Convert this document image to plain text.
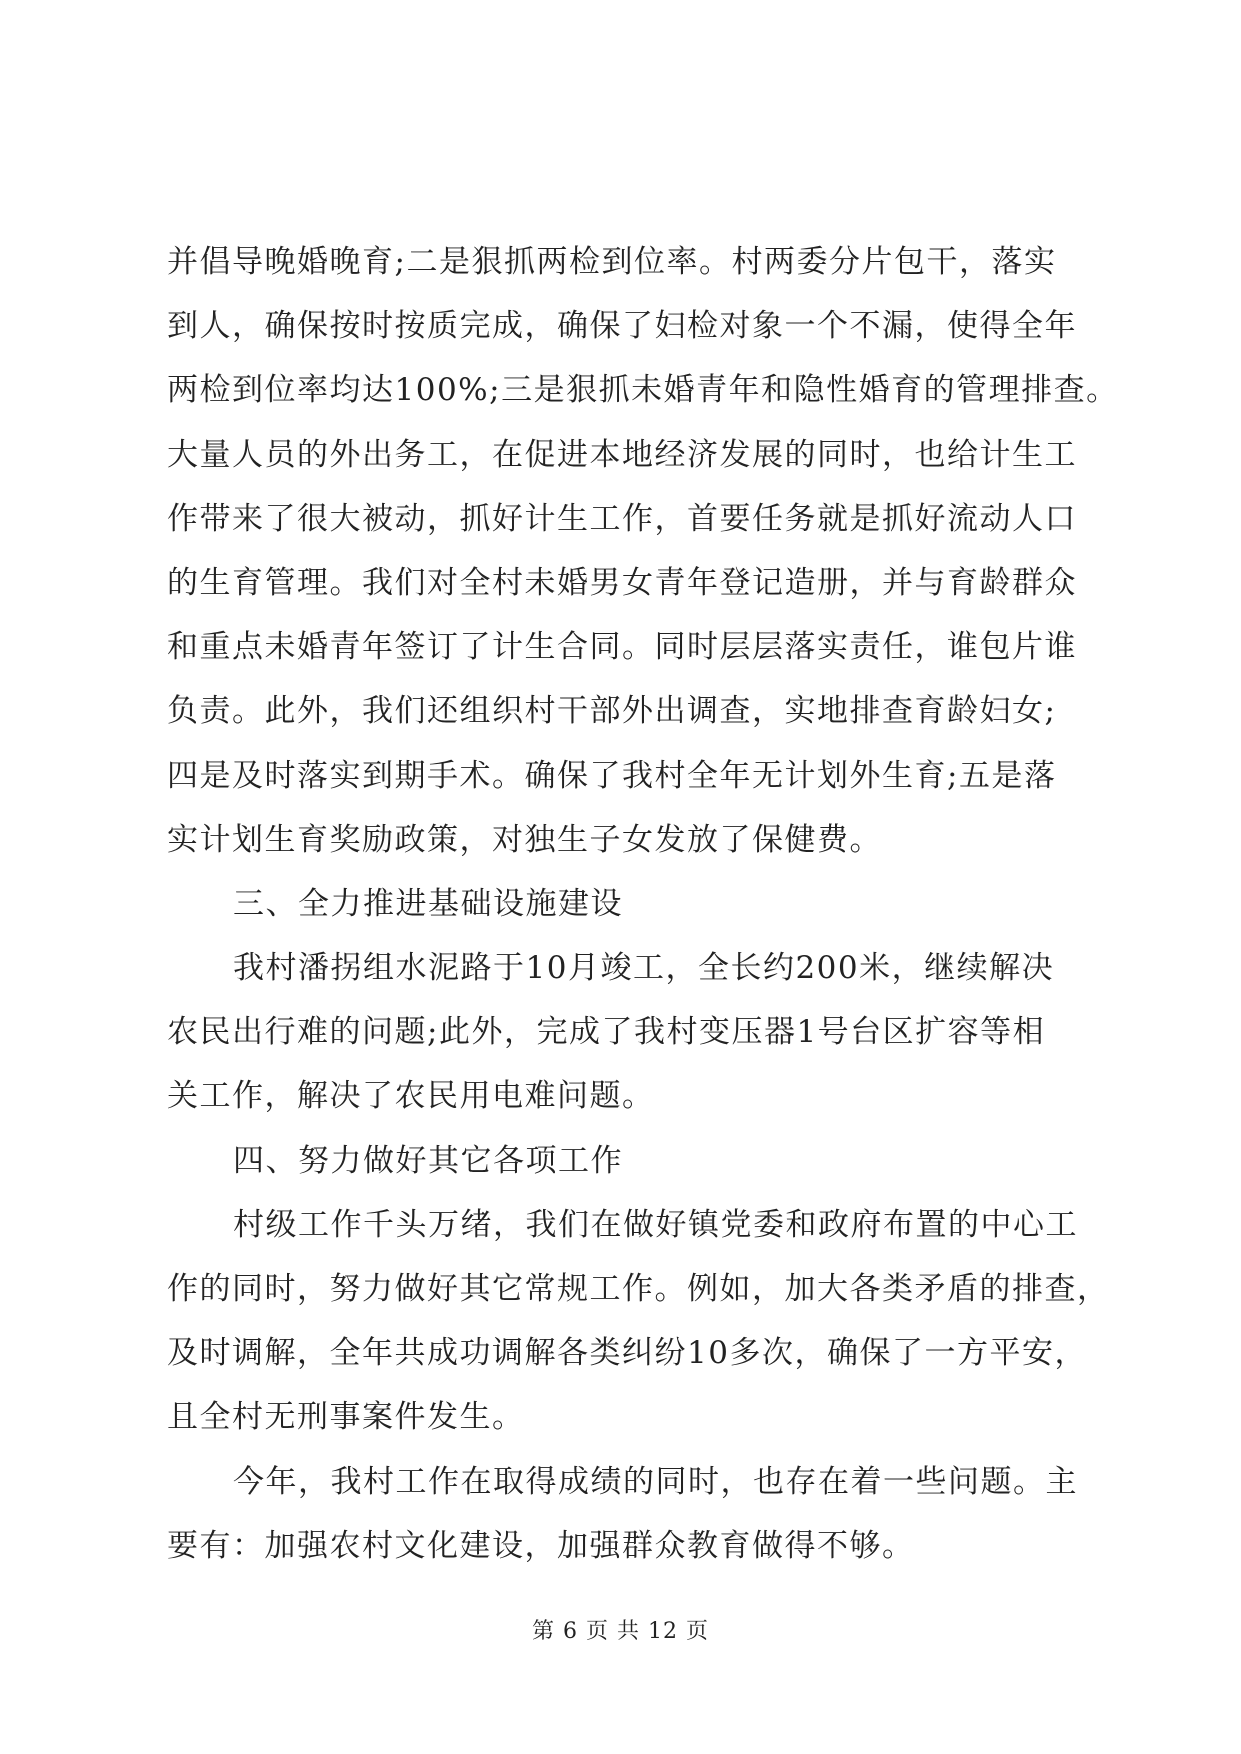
并倡导晚婚晚育;二是狠抓两检到位率。村两委分片包干，落实
到人，确保按时按质完成，确保了妇检对象一个不漏，使得全年
两检到位率均达100%;三是狠抓未婚青年和隐性婚育的管理排查。
大量人员的外出务工，在促进本地经济发展的同时，也给计生工
作带来了很大被动，抓好计生工作，首要任务就是抓好流动人口
的生育管理。我们对全村未婚男女青年登记造册，并与育龄群众
和重点未婚青年签订了计生合同。同时层层落实责任，谁包片谁
负责。此外，我们还组织村干部外出调查，实地排查育龄妇女;
四是及时落实到期手术。确保了我村全年无计划外生育;五是落
实计划生育奖励政策，对独生子女发放了保健费。
三、全力推进基础设施建设
我村潘拐组水泥路于10月竣工，全长约200米，继续解决
农民出行难的问题;此外，完成了我村变压器1号台区扩容等相
关工作，解决了农民用电难问题。
四、努力做好其它各项工作
村级工作千头万绪，我们在做好镇党委和政府布置的中心工
作的同时，努力做好其它常规工作。例如，加大各类矛盾的排查，
及时调解，全年共成功调解各类纠纷10多次，确保了一方平安，
且全村无刑事案件发生。
今年，我村工作在取得成绩的同时，也存在着一些问题。主
要有：加强农村文化建设，加强群众教育做得不够。
第 6 页 共 12 页
